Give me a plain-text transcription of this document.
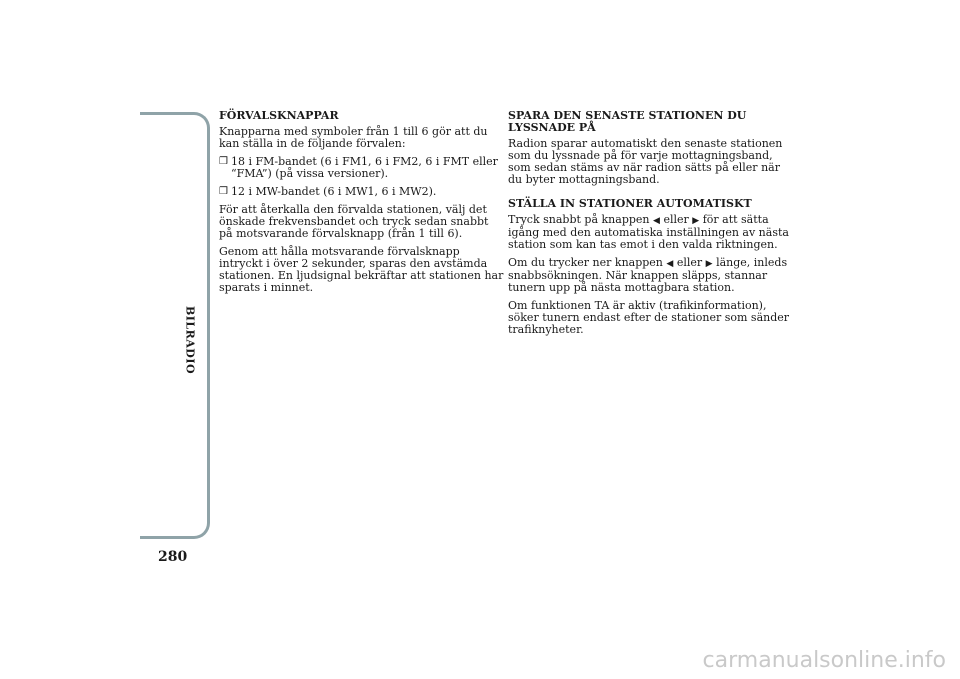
BILRADIO
280
FÖRVALSKNAPPAR

Knapparna med symboler från 1 till 6 gör att du kan ställa in de följande förvalen:

❒ 18 i FM-bandet (6 i FM1, 6 i FM2, 6 i FMT eller “FMA”) (på vissa versioner).
❒ 12 i MW-bandet (6 i MW1, 6 i MW2).

För att återkalla den förvalda stationen, välj det önskade frekvensbandet och tryck sedan snabbt på motsvarande förvalsknapp (från 1 till 6).

Genom att hålla motsvarande förvalsknapp intryckt i över 2 sekunder, sparas den avstämda stationen. En ljudsignal bekräftar att stationen har sparats i minnet.

SPARA DEN SENASTE STATIONEN DU LYSSNADE PÅ

Radion sparar automatiskt den senaste stationen som du lyssnade på för varje mottagningsband, som sedan stäms av när radion sätts på eller när du byter mottagningsband.

STÄLLA IN STATIONER AUTOMATISKT

Tryck snabbt på knappen ◀ eller ▶ för att sätta igång med den automatiska inställningen av nästa station som kan tas emot i den valda riktningen.

Om du trycker ner knappen ◀ eller ▶ länge, inleds snabbsökningen. När knappen släpps, stannar tunern upp på nästa mottagbara station.

Om funktionen TA är aktiv (trafikinformation), söker tunern endast efter de stationer som sänder trafiknyheter.

carmanualsonline.info
